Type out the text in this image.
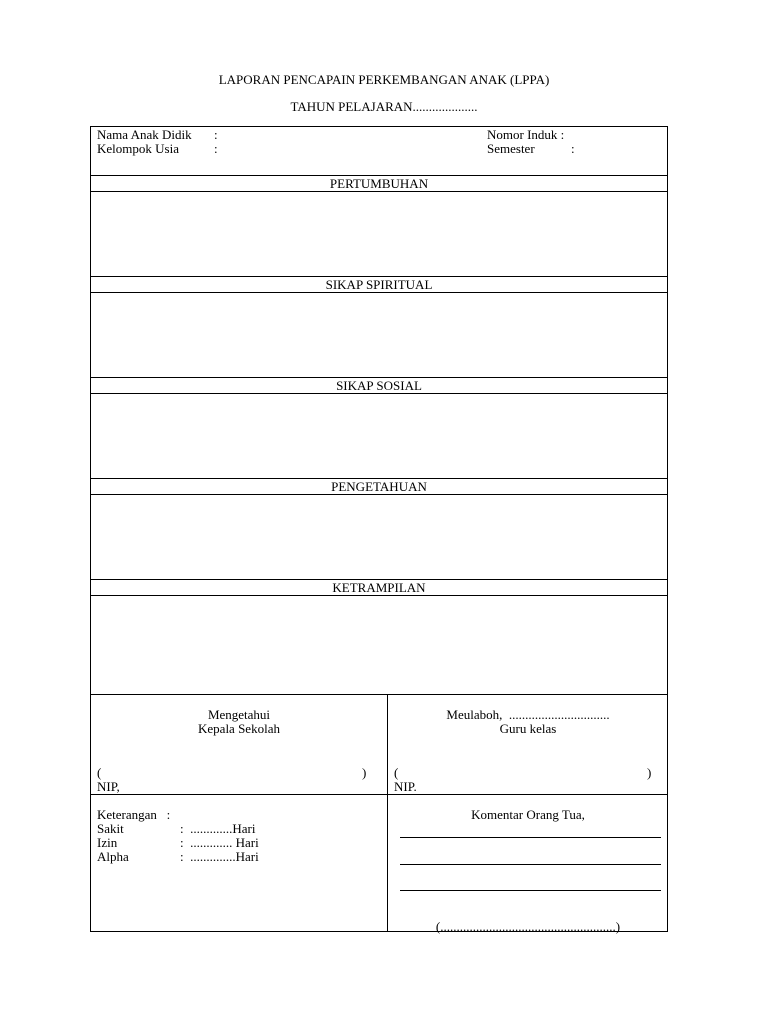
LAPORAN PENCAPAIN PERKEMBANGAN ANAK (LPPA)
TAHUN PELAJARAN....................
Nama Anak Didik :
Kelompok Usia	:
Nomor Induk :
Semester	:
PERTUMBUHAN
SIKAP SPIRITUAL
SIKAP SOSIAL
PENGETAHUAN
KETRAMPILAN
Mengetahui
Kepala Sekolah
(	)
NIP,
Meulaboh,  ...............................
Guru kelas
(	)
NIP.
Keterangan   :
Sakit	:  .............Hari
Izin	:  ............. Hari
Alpha	:  ..............Hari
Komentar Orang Tua,
(......................................................)
